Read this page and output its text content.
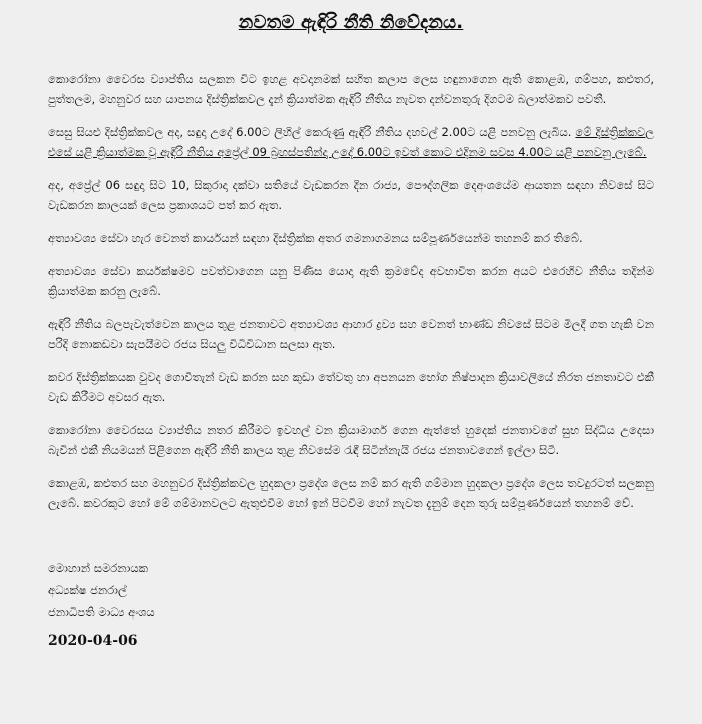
නවතම ඇඳිරි නීති නිවේදනය.

කොරෝනා වෛරස ව්‍යාප්තිය සලකන විට ඉහළ අවදානමක් සහිත කලාප ලෙස හඳුනාගෙන ඇති කොළඹ, ගම්පහ, කළුතර, පුත්තලම, මහනුවර සහ යාපනය දිස්ත්‍රික්කවල දැන් ක්‍රියාත්මක ඇඳිරි නීතිය නැවත දන්වනතුරු දිගටම බලාත්මකව පවතී.

සෙසු සියළු දිස්ත්‍රික්කවල අද, සඳුදා උදේ 6.00ට ලිහිල් කෙරුණු ඇඳිරි නීතිය දහවල් 2.00ට යළි පනවනු ලැබිය. මේ දිස්ත්‍රික්කවල එසේ යළි ක්‍රියාත්මක වූ ඇඳිරි නීතිය අප්‍රේල් 09 බ්‍රහස්පතින්දා උදේ 6.00ට ඉවත් කොට එදිනම සවස 4.00ට යළි පනවනු ලැබේ.

අද, අප්‍රේල් 06 සඳුදා සිට 10, සිකුරාදා දක්වා සතියේ වැඩකරන දින රාජ්‍ය, පෞද්ගලික දෙඅංශයේම ආයතන සඳහා නිවසේ සිට වැඩකරන කාලයක් ලෙස ප්‍රකාශයට පත් කර ඇත.

අත්‍යාවශ්‍ය සේවා හැර වෙනත් කාර්යයන් සඳහා දිස්ත්‍රික්ක අතර ගමනාගමනය සම්පූර්ණයෙන්ම තහනම් කර තිබේ.

අත්‍යාවශ්‍ය සේවා කර්යක්ෂමව පවත්වාගෙන යනු පිණිස යොදා ඇති ක්‍රමවේද අවභාවිත කරන අයට එරෙහිව නීතිය තදින්ම ක්‍රියාත්මක කරනු ලැබේ.

ඇඳිරි නීතිය බලපැවැත්වෙන කාලය තුළ ජනතාවට අත්‍යාවශ්‍ය ආහාර ද්‍රව්‍ය සහ වෙනත් භාණ්ඩ නිවසේ සිටම මිලදී ගත හැකි වන පරිදි නොකඩවා සැපයීමට රජය සියලු විධිවිධාන සලසා ඇත.

කවර දිස්ත්‍රික්කයක වුවද ගොවීතැන් වැඩ කරන සහ කුඩා තේවතු හා අපනයන භෝග නිෂ්පාදන ක්‍රියාවලියේ නිරත ජනතාවට එකී වැඩ කිරීමට අවසර ඇත.

කොරෝනා වෛරසය ව්‍යාප්තිය නතර කිරීමට ඉවහල් වන ක්‍රියාමාර්ග ගෙන ඇත්තේ හුදෙක් ජනතාවගේ සුභ සිද්ධිය උදෙසා බැවින් එකී නියමයන් පිළිගෙන ඇඳිරි නීති කාලය තුළ නිවසේම රැඳී සිටින්නැයි රජය ජනතාවගෙන් ඉල්ලා සිටී.

කොළඹ, කළුතර සහ මහනුවර දිස්ත්‍රික්කවල හුදකලා ප්‍රදේශ ලෙස නම් කර ඇති ගම්මාන හුදකලා ප්‍රදේශ ලෙස තවදුරටත් සලකනු ලැබේ. කවරකුට හෝ මේ ගම්මානවලට ඇතුළුවීම හෝ ඉන් පිටවීම හෝ නැවත දැනුම් දෙන තුරු සම්පූර්ණයෙන් තහනම් වේ.

මොහාන් සමරනායක
අධ්‍යක්ෂ ජනරාල්
ජනාධිපති මාධ්‍ය අංශය
2020-04-06
